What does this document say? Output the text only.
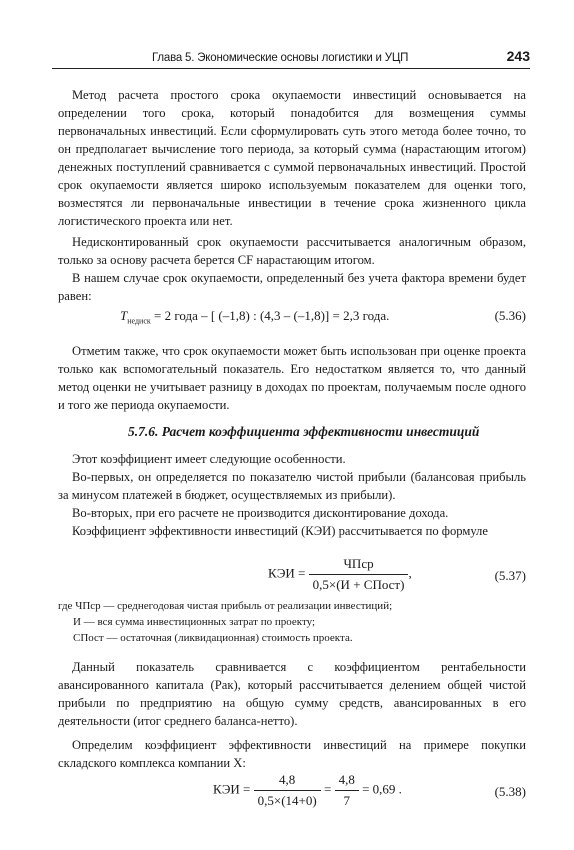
Глава 5. Экономические основы логистики и УЦП	243

Метод расчета простого срока окупаемости инвестиций основывается на определении того срока, который понадобится для возмещения суммы первоначальных инвестиций. Если сформулировать суть этого метода более точно, то он предполагает вычисление того периода, за который сумма (нарастающим итогом) денежных поступлений сравнивается с суммой первоначальных инвестиций. Простой срок окупаемости является широко используемым показателем для оценки того, возместятся ли первоначальные инвестиции в течение срока жизненного цикла логистического проекта или нет.

Недисконтированный срок окупаемости рассчитывается аналогичным образом, только за основу расчета берется CF нарастающим итогом.

В нашем случае срок окупаемости, определенный без учета фактора времени будет равен:

$Т_{недиск} = 2$ года – [ (–1,8) : (4,3 – (–1,8)] = 2,3 года.	(5.36)

Отметим также, что срок окупаемости может быть использован при оценке проекта только как вспомогательный показатель. Его недостатком является то, что данный метод оценки не учитывает разницу в доходах по проектам, получаемым после одного и того же периода окупаемости.

5.7.6. Расчет коэффициента эффективности инвестиций

Этот коэффициент имеет следующие особенности.

Во-первых, он определяется по показателю чистой прибыли (балансовая прибыль за минусом платежей в бюджет, осуществляемых из прибыли).

Во-вторых, при его расчете не производится дисконтирование дохода.

Коэффициент эффективности инвестиций (КЭИ) рассчитывается по формуле

КЭИ = $\frac{\text{ЧПср}}{\text{0,5×(И + СПост)}}$ ,	(5.37)
где ЧПср — среднегодовая чистая прибыль от реализации инвестиций;
И — вся сумма инвестиционных затрат по проекту;
СПост — остаточная (ликвидационная) стоимость проекта.

Данный показатель сравнивается с коэффициентом рентабельности авансированного капитала (Рак), который рассчитывается делением общей чистой прибыли по предприятию на общую сумму средств, авансированных в его деятельности (итог среднего баланса-нетто).

Определим коэффициент эффективности инвестиций на примере покупки складского комплекса компании X:

КЭИ = $\frac{4,8}{0,5\times(14+0)} = \frac{4,8}{7} = 0,69$ .	(5.38)
